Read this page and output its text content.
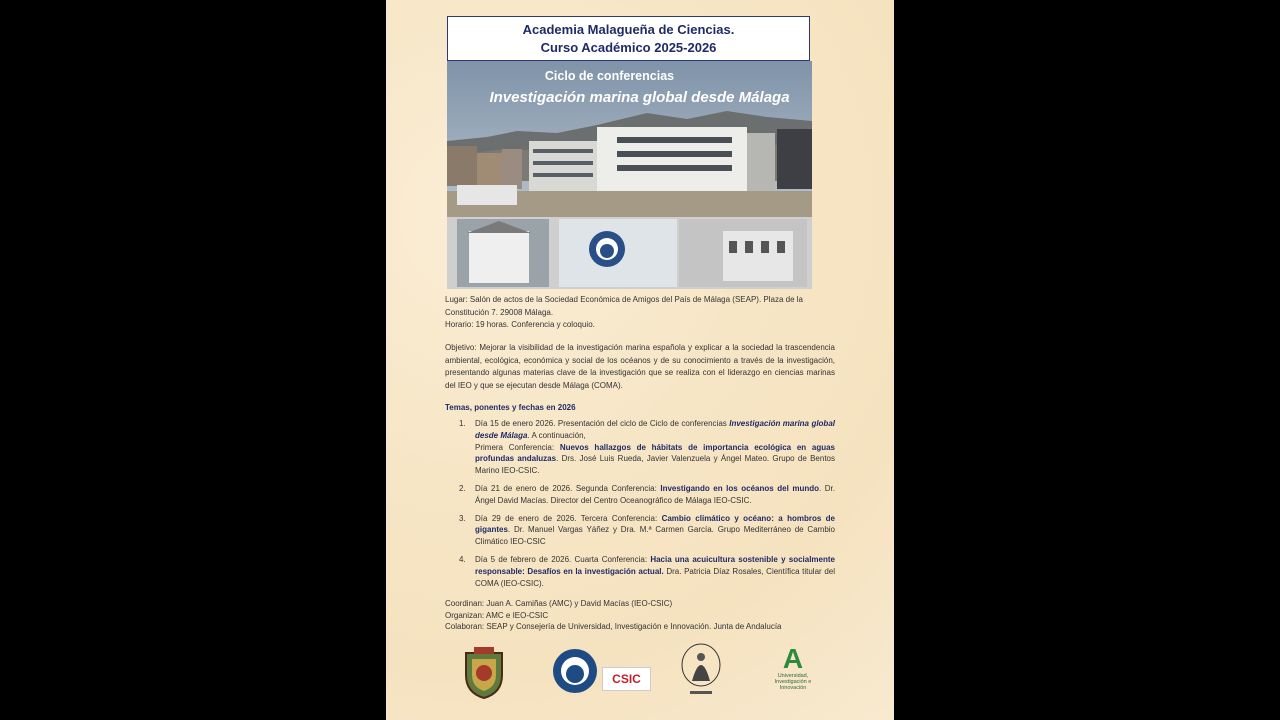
Academia Malagueña de Ciencias.
Curso Académico 2025-2026
Ciclo de conferencias
Investigación marina global desde Málaga
Lugar: Salón de actos de la Sociedad Económica de Amigos del País de Málaga (SEAP). Plaza de la Constitución 7. 29008 Málaga.
Horario: 19 horas. Conferencia y coloquio.
Objetivo: Mejorar la visibilidad de la investigación marina española y explicar a la sociedad la trascendencia ambiental, ecológica, económica y social de los océanos y de su conocimiento a través de la investigación, presentando algunas materias clave de la investigación que se realiza con el liderazgo en ciencias marinas del IEO y que se ejecutan desde Málaga (COMA).
Temas, ponentes y fechas en 2026
1. Día 15 de enero 2026. Presentación del ciclo de Ciclo de conferencias Investigación marina global desde Málaga. A continuación,
Primera Conferencia: Nuevos hallazgos de hábitats de importancia ecológica en aguas profundas andaluzas. Drs. José Luis Rueda, Javier Valenzuela y Ángel Mateo. Grupo de Bentos Marino IEO-CSIC.
2. Día 21 de enero de 2026. Segunda Conferencia: Investigando en los océanos del mundo. Dr. Ángel David Macías. Director del Centro Oceanográfico de Málaga IEO-CSIC.
3. Día 29 de enero de 2026. Tercera Conferencia: Cambio climático y océano: a hombros de gigantes. Dr. Manuel Vargas Yáñez y Dra. M.ª Carmen García. Grupo Mediterráneo de Cambio Climático IEO-CSIC
4. Día 5 de febrero de 2026. Cuarta Conferencia: Hacia una acuicultura sostenible y socialmente responsable: Desafíos en la investigación actual. Dra. Patricia Díaz Rosales, Científica titular del COMA (IEO-CSIC).
Coordinan: Juan A. Camiñas (AMC) y David Macías (IEO-CSIC)
Organizan: AMC e IEO-CSIC
Colaboran: SEAP y Consejería de Universidad, Investigación e Innovación. Junta de Andalucía
CSIC
A
Universidad, Investigación e Innovación
